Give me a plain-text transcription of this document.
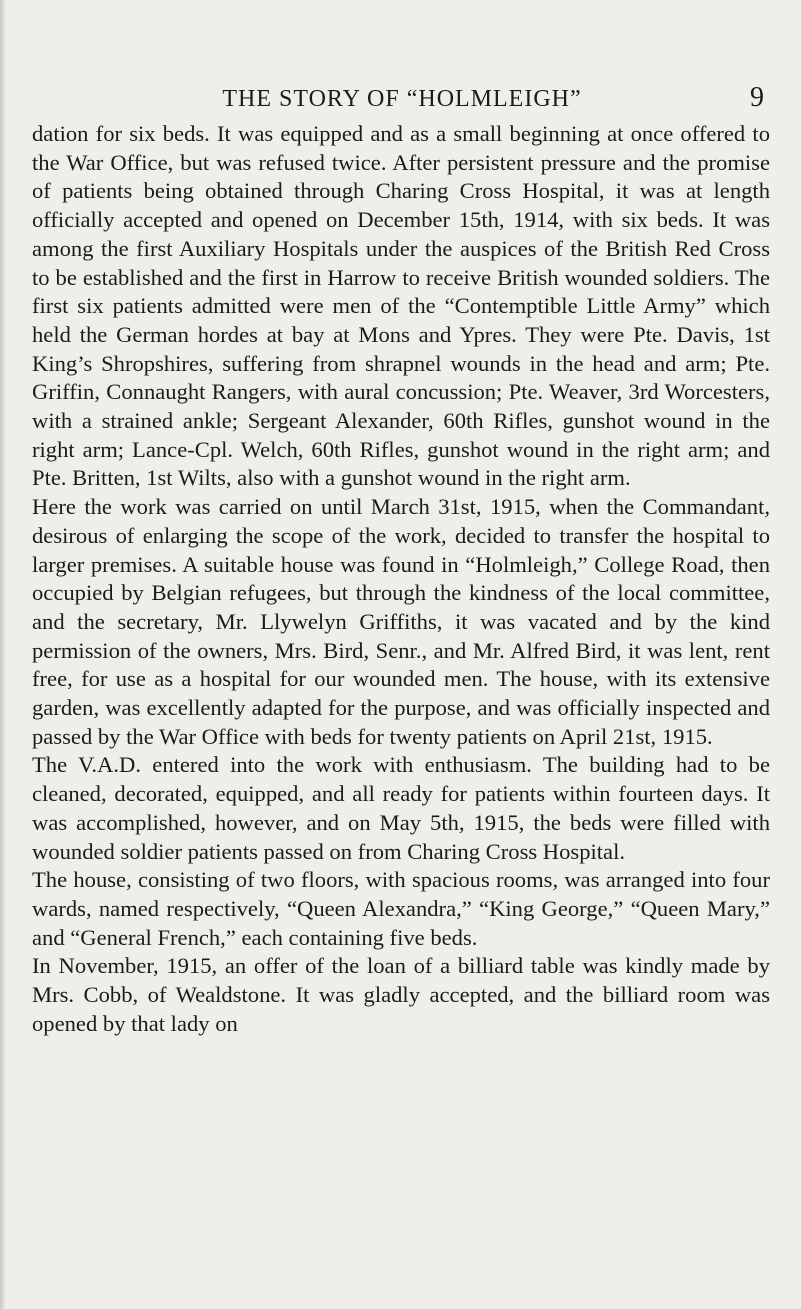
THE STORY OF “HOLMLEIGH”	9

dation for six beds. It was equipped and as a small beginning at once offered to the War Office, but was refused twice. After persistent pressure and the promise of patients being obtained through Charing Cross Hospital, it was at length officially accepted and opened on December 15th, 1914, with six beds. It was among the first Auxiliary Hospitals under the auspices of the British Red Cross to be established and the first in Harrow to receive British wounded soldiers. The first six patients admitted were men of the “Contemptible Little Army” which held the German hordes at bay at Mons and Ypres. They were Pte. Davis, 1st King’s Shropshires, suffering from shrapnel wounds in the head and arm; Pte. Griffin, Connaught Rangers, with aural concussion; Pte. Weaver, 3rd Worcesters, with a strained ankle; Sergeant Alexander, 60th Rifles, gunshot wound in the right arm; Lance-Cpl. Welch, 60th Rifles, gunshot wound in the right arm; and Pte. Britten, 1st Wilts, also with a gunshot wound in the right arm.

Here the work was carried on until March 31st, 1915, when the Commandant, desirous of enlarging the scope of the work, decided to transfer the hospital to larger premises. A suitable house was found in “Holmleigh,” College Road, then occupied by Belgian refugees, but through the kindness of the local committee, and the secretary, Mr. Llywelyn Griffiths, it was vacated and by the kind permission of the owners, Mrs. Bird, Senr., and Mr. Alfred Bird, it was lent, rent free, for use as a hospital for our wounded men. The house, with its extensive garden, was excellently adapted for the purpose, and was officially inspected and passed by the War Office with beds for twenty patients on April 21st, 1915.

The V.A.D. entered into the work with enthusiasm. The building had to be cleaned, decorated, equipped, and all ready for patients within fourteen days. It was accomplished, however, and on May 5th, 1915, the beds were filled with wounded soldier patients passed on from Charing Cross Hospital.

The house, consisting of two floors, with spacious rooms, was arranged into four wards, named respectively, “Queen Alexandra,” “King George,” “Queen Mary,” and “General French,” each containing five beds.

In November, 1915, an offer of the loan of a billiard table was kindly made by Mrs. Cobb, of Wealdstone. It was gladly accepted, and the billiard room was opened by that lady on
